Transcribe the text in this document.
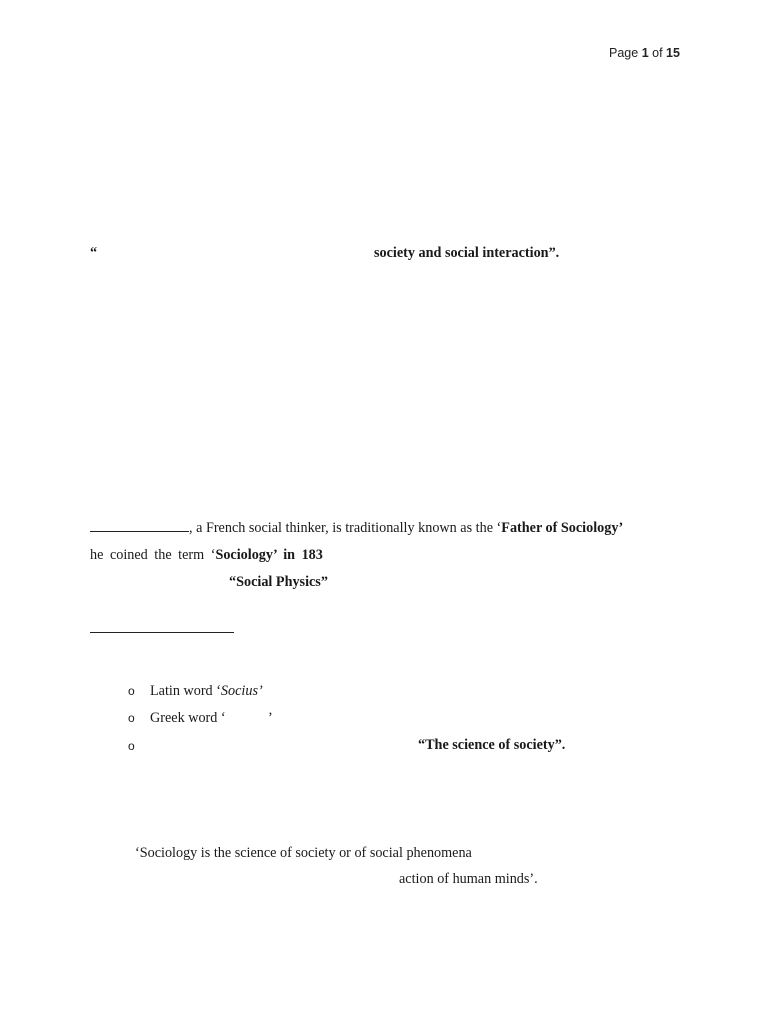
Page 1 of 15
“	society and social interaction”.
, a French social thinker, is traditionally known as the ‘Father of Sociology’
he coined the term ‘Sociology’ in 183
“Social Physics”
o Latin word ‘Socius’
o Greek word ‘	’
o	“The science of society”.
‘Sociology is the science of society or of social phenomena
action of human minds’.
